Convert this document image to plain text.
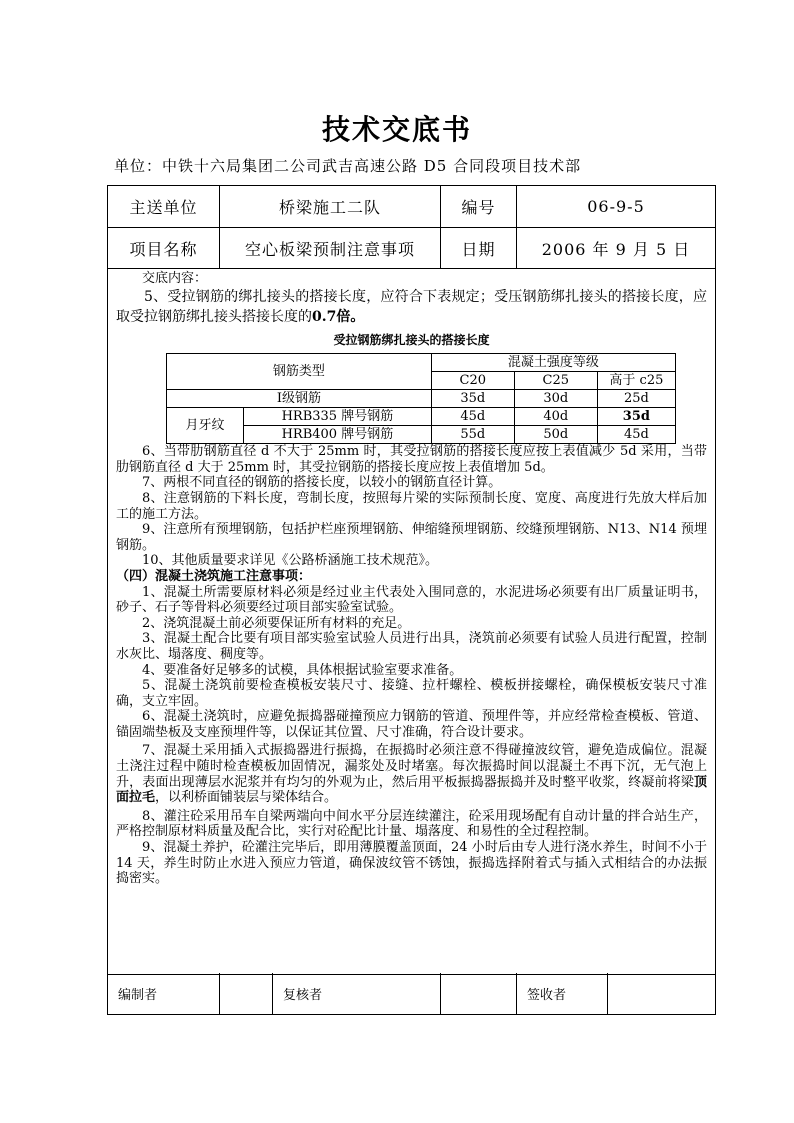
技术交底书
单位：中铁十六局集团二公司武吉高速公路 D5 合同段项目技术部
主送单位	桥梁施工二队	编号	06-9-5
项目名称	空心板梁预制注意事项	日期	2006 年 9 月 5 日

交底内容：

5、受拉钢筋的绑扎接头的搭接长度，应符合下表规定；受压钢筋绑扎接头的搭接长度，应取受拉钢筋绑扎接头搭接长度的0.7倍。

受拉钢筋绑扎接头的搭接长度
钢筋类型		混凝土强度等级		
		C20	C25	高于 c25
Ⅰ级钢筋		35d	30d	25d
月牙纹	HRB335 牌号钢筋	45d	40d	35d
	HRB400 牌号钢筋	55d	50d	45d

6、当带肋钢筋直径 d 不大于 25mm 时，其受拉钢筋的搭接长度应按上表值减少 5d 采用，当带肋钢筋直径 d 大于 25mm 时，其受拉钢筋的搭接长度应按上表值增加 5d。

7、两根不同直径的钢筋的搭接长度，以较小的钢筋直径计算。

8、注意钢筋的下料长度，弯制长度，按照每片梁的实际预制长度、宽度、高度进行先放大样后加工的施工方法。

9、注意所有预埋钢筋，包括护栏座预埋钢筋、伸缩缝预埋钢筋、绞缝预埋钢筋、N13、N14 预埋钢筋。

10、其他质量要求详见《公路桥涵施工技术规范》。

（四）混凝土浇筑施工注意事项：

1、混凝土所需要原材料必须是经过业主代表处入围同意的，水泥进场必须要有出厂质量证明书，砂子、石子等骨料必须要经过项目部实验室试验。

2、浇筑混凝土前必须要保证所有材料的充足。

3、混凝土配合比要有项目部实验室试验人员进行出具，浇筑前必须要有试验人员进行配置，控制水灰比、塌落度、稠度等。

4、要准备好足够多的试模，具体根据试验室要求准备。

5、混凝土浇筑前要检查模板安装尺寸、接缝、拉杆螺栓、模板拼接螺栓，确保模板安装尺寸准确，支立牢固。

6、混凝土浇筑时，应避免振捣器碰撞预应力钢筋的管道、预埋件等，并应经常检查模板、管道、锚固端垫板及支座预埋件等，以保证其位置、尺寸准确，符合设计要求。

7、混凝土采用插入式振捣器进行振捣，在振捣时必须注意不得碰撞波纹管，避免造成偏位。混凝土浇注过程中随时检查模板加固情况，漏浆处及时堵塞。每次振捣时间以混凝土不再下沉，无气泡上升，表面出现薄层水泥浆并有均匀的外观为止，然后用平板振捣器振捣并及时整平收浆，终凝前将梁顶面拉毛，以利桥面铺装层与梁体结合。

8、灌注砼采用吊车自梁两端向中间水平分层连续灌注，砼采用现场配有自动计量的拌合站生产，严格控制原材料质量及配合比，实行对砼配比计量、塌落度、和易性的全过程控制。

9、混凝土养护，砼灌注完毕后，即用薄膜覆盖顶面，24 小时后由专人进行浇水养生，时间不小于 14 天，养生时防止水进入预应力管道，确保波纹管不锈蚀，振捣选择附着式与插入式相结合的办法振捣密实。

编制者	复核者	签收者
